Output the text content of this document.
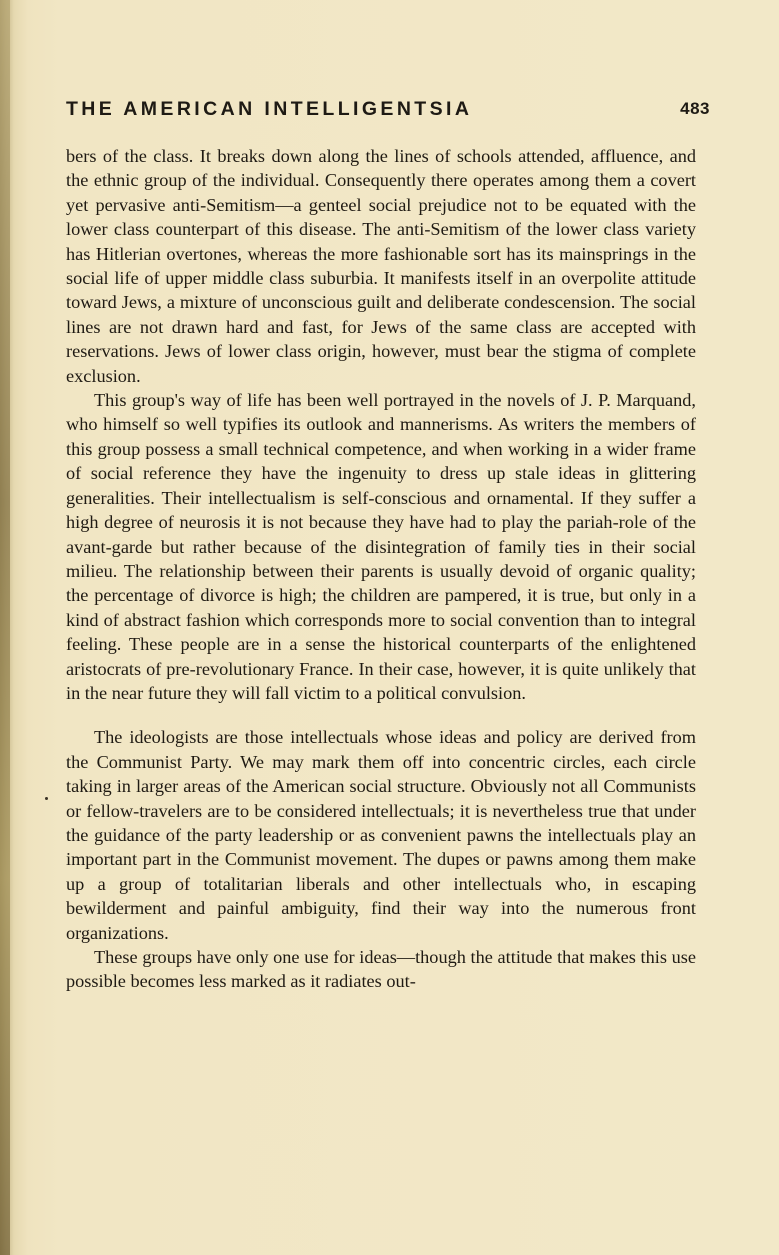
THE AMERICAN INTELLIGENTSIA	483

bers of the class. It breaks down along the lines of schools attended, affluence, and the ethnic group of the individual. Consequently there operates among them a covert yet pervasive anti-Semitism—a genteel social prejudice not to be equated with the lower class counterpart of this disease. The anti-Semitism of the lower class variety has Hitlerian overtones, whereas the more fashionable sort has its mainsprings in the social life of upper middle class suburbia. It manifests itself in an overpolite attitude toward Jews, a mixture of unconscious guilt and deliberate condescension. The social lines are not drawn hard and fast, for Jews of the same class are accepted with reservations. Jews of lower class origin, however, must bear the stigma of complete exclusion.

This group's way of life has been well portrayed in the novels of J. P. Marquand, who himself so well typifies its outlook and mannerisms. As writers the members of this group possess a small technical competence, and when working in a wider frame of social reference they have the ingenuity to dress up stale ideas in glittering generalities. Their intellectualism is self-conscious and ornamental. If they suffer a high degree of neurosis it is not because they have had to play the pariah-role of the avant-garde but rather because of the disintegration of family ties in their social milieu. The relationship between their parents is usually devoid of organic quality; the percentage of divorce is high; the children are pampered, it is true, but only in a kind of abstract fashion which corresponds more to social convention than to integral feeling. These people are in a sense the historical counterparts of the enlightened aristocrats of pre-revolutionary France. In their case, however, it is quite unlikely that in the near future they will fall victim to a political convulsion.

The ideologists are those intellectuals whose ideas and policy are derived from the Communist Party. We may mark them off into concentric circles, each circle taking in larger areas of the American social structure. Obviously not all Communists or fellow-travelers are to be considered intellectuals; it is nevertheless true that under the guidance of the party leadership or as convenient pawns the intellectuals play an important part in the Communist movement. The dupes or pawns among them make up a group of totalitarian liberals and other intellectuals who, in escaping bewilderment and painful ambiguity, find their way into the numerous front organizations.

These groups have only one use for ideas—though the attitude that makes this use possible becomes less marked as it radiates out-
